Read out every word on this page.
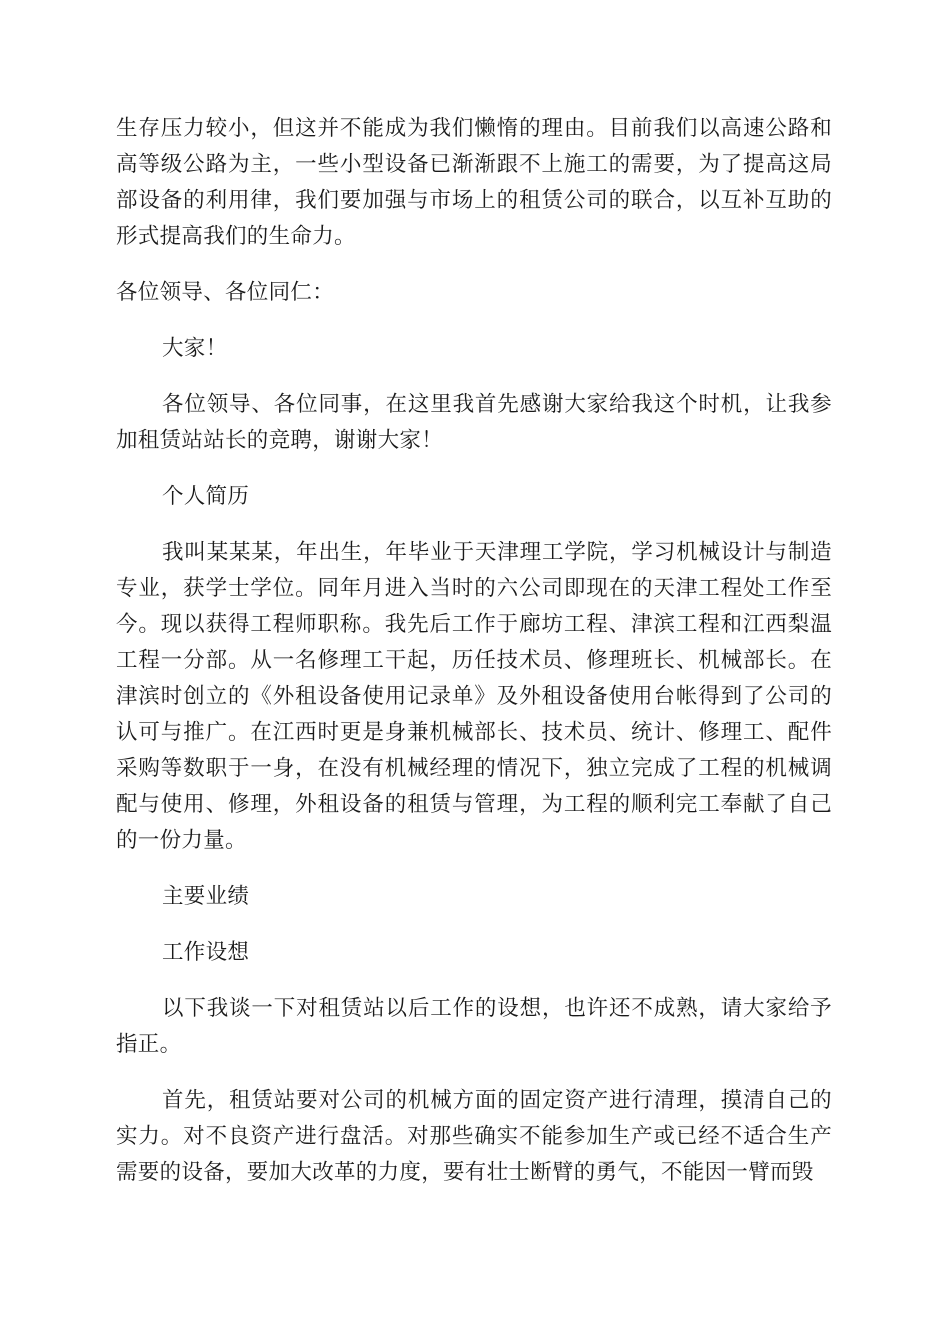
生存压力较小，但这并不能成为我们懒惰的理由。目前我们以高速公路和高等级公路为主，一些小型设备已渐渐跟不上施工的需要，为了提高这局部设备的利用律，我们要加强与市场上的租赁公司的联合，以互补互助的形式提高我们的生命力。

各位领导、各位同仁：

大家！

各位领导、各位同事，在这里我首先感谢大家给我这个时机，让我参加租赁站站长的竞聘，谢谢大家！

个人简历

我叫某某某，年出生，年毕业于天津理工学院，学习机械设计与制造专业，获学士学位。同年月进入当时的六公司即现在的天津工程处工作至今。现以获得工程师职称。我先后工作于廊坊工程、津滨工程和江西梨温工程一分部。从一名修理工干起，历任技术员、修理班长、机械部长。在津滨时创立的《外租设备使用记录单》及外租设备使用台帐得到了公司的认可与推广。在江西时更是身兼机械部长、技术员、统计、修理工、配件采购等数职于一身，在没有机械经理的情况下，独立完成了工程的机械调配与使用、修理，外租设备的租赁与管理，为工程的顺利完工奉献了自己的一份力量。

主要业绩

工作设想

以下我谈一下对租赁站以后工作的设想，也许还不成熟，请大家给予指正。

首先，租赁站要对公司的机械方面的固定资产进行清理，摸清自己的实力。对不良资产进行盘活。对那些确实不能参加生产或已经不适合生产需要的设备，要加大改革的力度，要有壮士断臂的勇气，不能因一臂而毁
